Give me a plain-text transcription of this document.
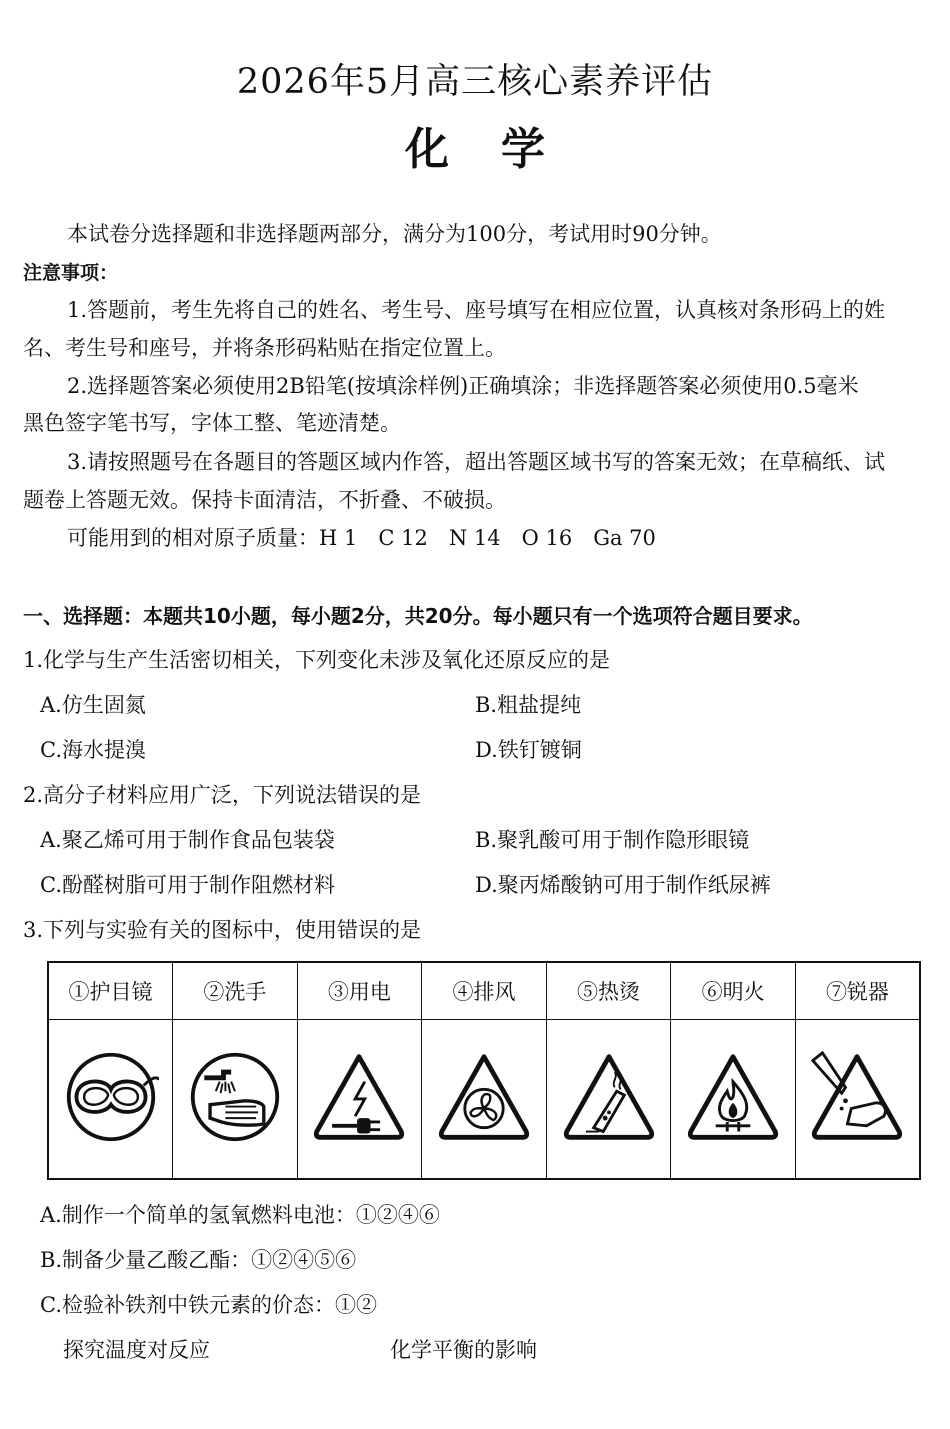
2026年5月高三核心素养评估
化学
本试卷分选择题和非选择题两部分，满分为100分，考试用时90分钟。
注意事项：
1.答题前，考生先将自己的姓名、考生号、座号填写在相应位置，认真核对条形码上的姓
名、考生号和座号，并将条形码粘贴在指定位置上。
2.选择题答案必须使用2B铅笔(按填涂样例)正确填涂；非选择题答案必须使用0.5毫米
黑色签字笔书写，字体工整、笔迹清楚。
3.请按照题号在各题目的答题区域内作答，超出答题区域书写的答案无效；在草稿纸、试
题卷上答题无效。保持卡面清洁，不折叠、不破损。
可能用到的相对原子质量：H 1　C 12　N 14　O 16　Ga 70
一、选择题：本题共10小题，每小题2分，共20分。每小题只有一个选项符合题目要求。
1.化学与生产生活密切相关，下列变化未涉及氧化还原反应的是
A.仿生固氮	B.粗盐提纯
C.海水提溴	D.铁钉镀铜
2.高分子材料应用广泛，下列说法错误的是
A.聚乙烯可用于制作食品包装袋	B.聚乳酸可用于制作隐形眼镜
C.酚醛树脂可用于制作阻燃材料	D.聚丙烯酸钠可用于制作纸尿裤
3.下列与实验有关的图标中，使用错误的是
①护目镜	②洗手	③用电	④排风	⑤热烫	⑥明火	⑦锐器

A.制作一个简单的氢氧燃料电池：①②④⑥
B.制备少量乙酸乙酯：①②④⑤⑥
C.检验补铁剂中铁元素的价态：①②
探究温度对反应	化学平衡的影响
